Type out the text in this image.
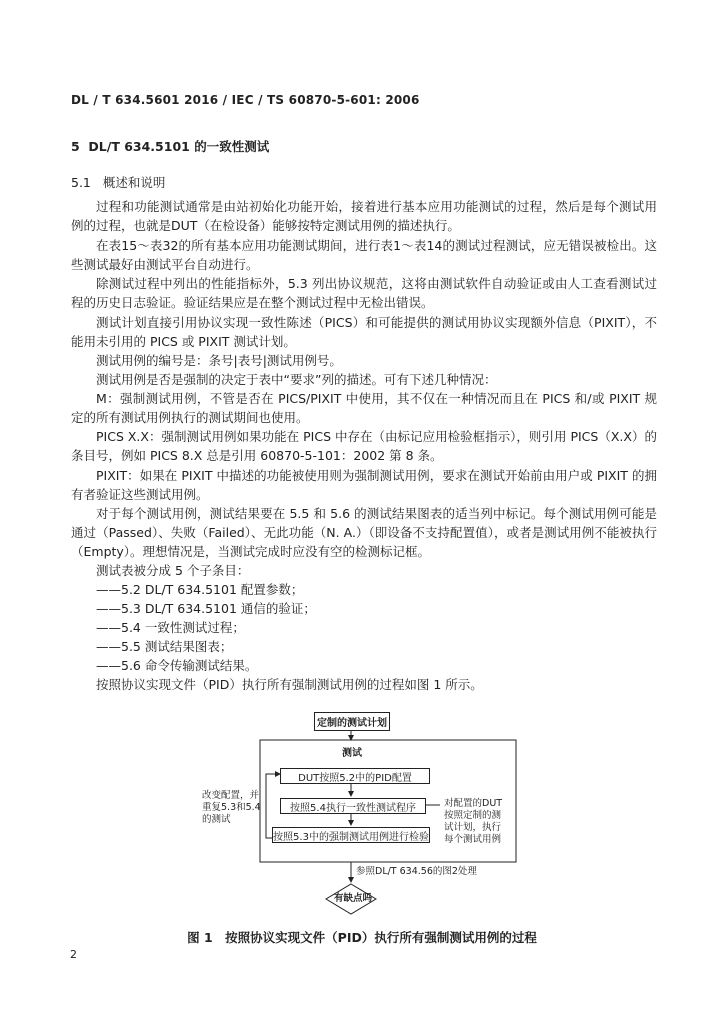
DL / T 634.5601 2016 / IEC / TS 60870-5-601: 2006
5 DL/T 634.5101 的一致性测试
5.1 概述和说明
过程和功能测试通常是由站初始化功能开始，接着进行基本应用功能测试的过程，然后是每个测试用例的过程，也就是DUT（在检设备）能够按特定测试用例的描述执行。
在表15～表32的所有基本应用功能测试期间，进行表1～表14的测试过程测试，应无错误被检出。这些测试最好由测试平台自动进行。
除测试过程中列出的性能指标外，5.3 列出协议规范，这将由测试软件自动验证或由人工查看测试过程的历史日志验证。验证结果应是在整个测试过程中无检出错误。
测试计划直接引用协议实现一致性陈述（PICS）和可能提供的测试用协议实现额外信息（PIXIT），不能用未引用的 PICS 或 PIXIT 测试计划。
测试用例的编号是：条号|表号|测试用例号。
测试用例是否是强制的决定于表中“要求”列的描述。可有下述几种情况：
M：强制测试用例，不管是否在 PICS/PIXIT 中使用，其不仅在一种情况而且在 PICS 和/或 PIXIT 规定的所有测试用例执行的测试期间也使用。
PICS X.X：强制测试用例如果功能在 PICS 中存在（由标记应用检验框指示），则引用 PICS（X.X）的条目号，例如 PICS 8.X 总是引用 60870-5-101：2002 第 8 条。
PIXIT：如果在 PIXIT 中描述的功能被使用则为强制测试用例，要求在测试开始前由用户或 PIXIT 的拥有者验证这些测试用例。
对于每个测试用例，测试结果要在 5.5 和 5.6 的测试结果图表的适当列中标记。每个测试用例可能是通过（Passed）、失败（Failed）、无此功能（N. A.）（即设备不支持配置值），或者是测试用例不能被执行（Empty）。理想情况是，当测试完成时应没有空的检测标记框。
测试表被分成 5 个子条目：
——5.2 DL/T 634.5101 配置参数；
——5.3 DL/T 634.5101 通信的验证；
——5.4 一致性测试过程；
——5.5 测试结果图表；
——5.6 命令传输测试结果。
按照协议实现文件（PID）执行所有强制测试用例的过程如图 1 所示。
定制的测试计划
测试
DUT按照5.2中的PID配置
按照5.4执行一致性测试程序
按照5.3中的强制测试用例进行检验
改变配置，并重复5.3和5.4的测试
对配置的DUT按照定制的测试计划，执行每个测试用例
参照DL/T 634.56的图2处理
有缺点吗
图 1　按照协议实现文件（PID）执行所有强制测试用例的过程
2
